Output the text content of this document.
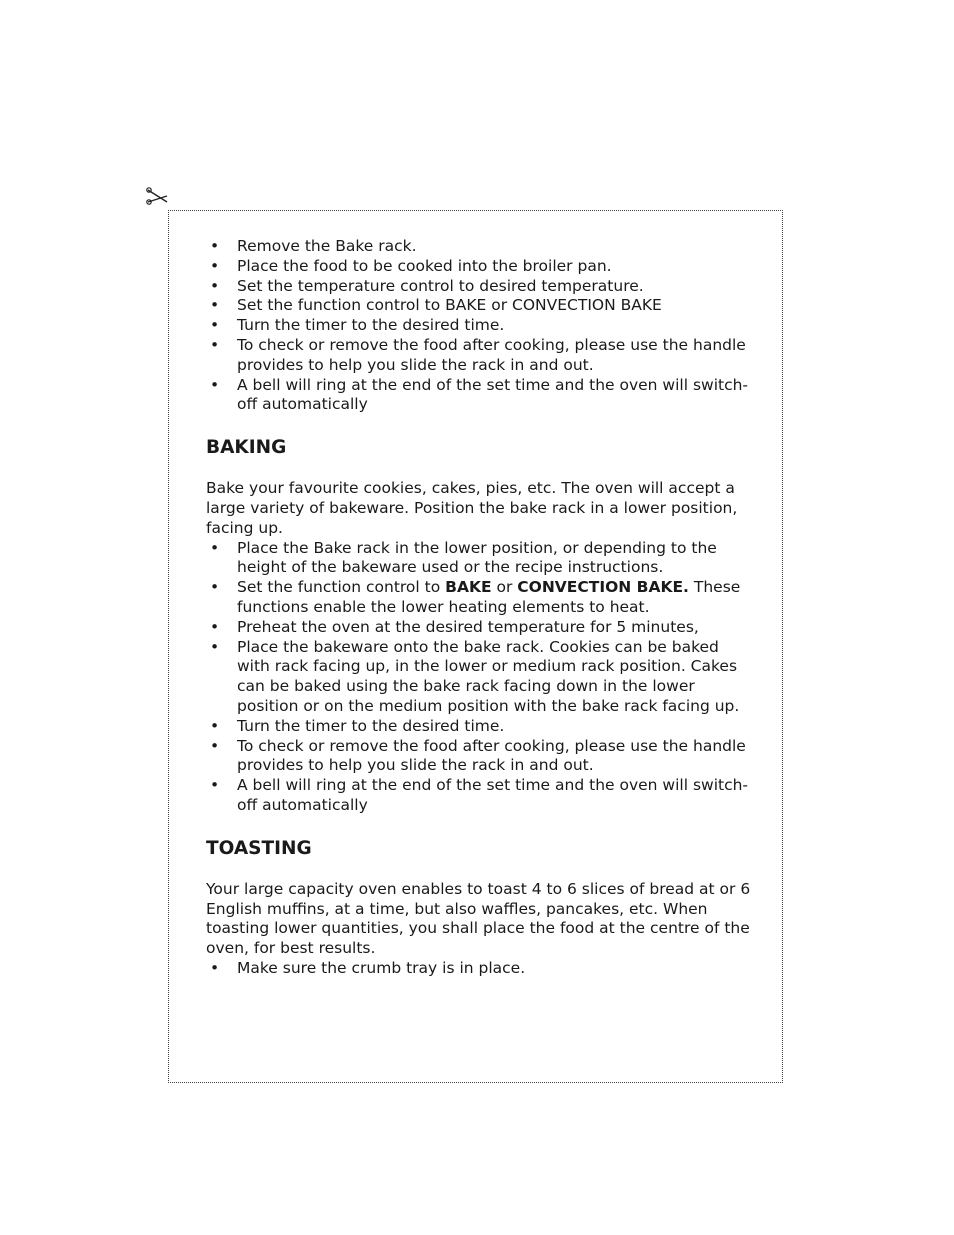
• Remove the Bake rack.
• Place the food to be cooked into the broiler pan.
• Set the temperature control to desired temperature.
• Set the function control to BAKE or CONVECTION BAKE
• Turn the timer to the desired time.
• To check or remove the food after cooking, please use the handle provides to help you slide the rack in and out.
• A bell will ring at the end of the set time and the oven will switch-off automatically
BAKING

Bake your favourite cookies, cakes, pies, etc. The oven will accept a large variety of bakeware. Position the bake rack in a lower position, facing up.

• Place the Bake rack in the lower position, or depending to the height of the bakeware used or the recipe instructions.
• Set the function control to BAKE or CONVECTION BAKE. These functions enable the lower heating elements to heat.
• Preheat the oven at the desired temperature for 5 minutes,
• Place the bakeware onto the bake rack. Cookies can be baked with rack facing up, in the lower or medium rack position. Cakes can be baked using the bake rack facing down in the lower position or on the medium position with the bake rack facing up.
• Turn the timer to the desired time.
• To check or remove the food after cooking, please use the handle provides to help you slide the rack in and out.
• A bell will ring at the end of the set time and the oven will switch-off automatically
TOASTING

Your large capacity oven enables to toast 4 to 6 slices of bread at or 6 English muffins, at a time, but also waffles, pancakes, etc. When toasting lower quantities, you shall place the food at the centre of the oven, for best results.

• Make sure the crumb tray is in place.
